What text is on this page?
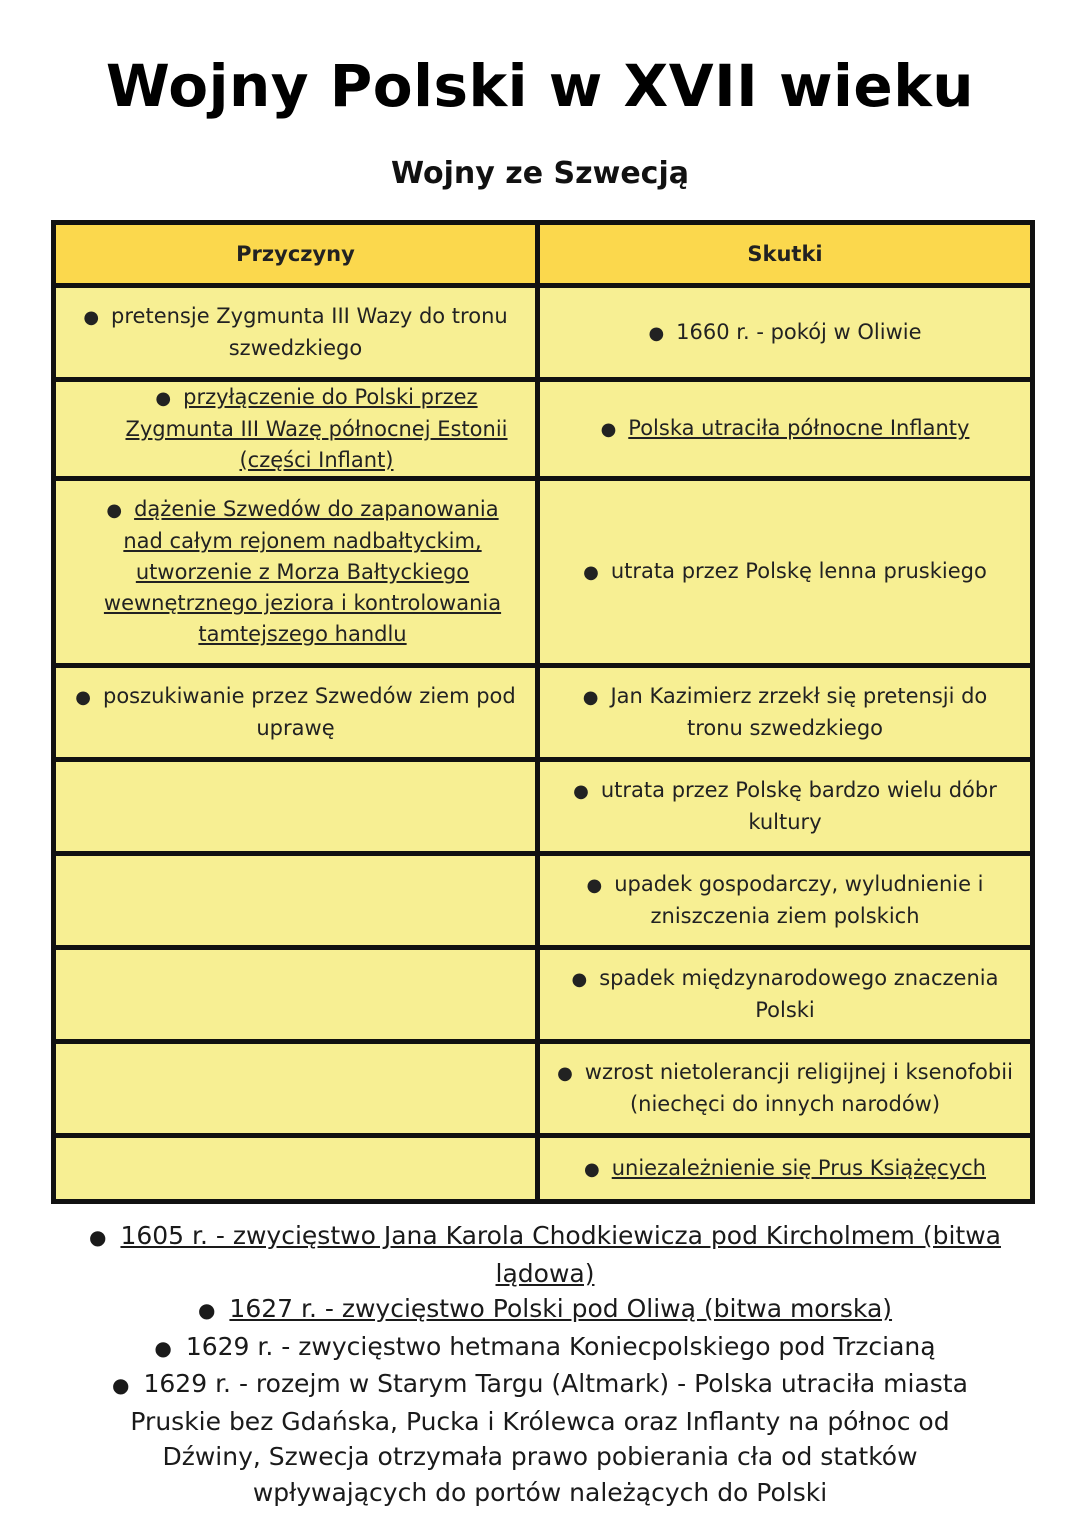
Wojny Polski w XVII wieku
Wojny ze Szwecją
Przyczyny	Skutki
● pretensje Zygmunta III Wazy do tronu szwedzkiego	● 1660 r. - pokój w Oliwie
● przyłączenie do Polski przez Zygmunta III Wazę północnej Estonii (części Inflant)	● Polska utraciła północne Inflanty
● dążenie Szwedów do zapanowania nad całym rejonem nadbałtyckim, utworzenie z Morza Bałtyckiego wewnętrznego jeziora i kontrolowania tamtejszego handlu	● utrata przez Polskę lenna pruskiego
● poszukiwanie przez Szwedów ziem pod uprawę	● Jan Kazimierz zrzekł się pretensji do tronu szwedzkiego
	● utrata przez Polskę bardzo wielu dóbr kultury
	● upadek gospodarczy, wyludnienie i zniszczenia ziem polskich
	● spadek międzynarodowego znaczenia Polski
	● wzrost nietolerancji religijnej i ksenofobii (niechęci do innych narodów)
	● uniezależnienie się Prus Książęcych

● 1605 r. - zwycięstwo Jana Karola Chodkiewicza pod Kircholmem (bitwa lądowa)

● 1627 r. - zwycięstwo Polski pod Oliwą (bitwa morska)

● 1629 r. - zwycięstwo hetmana Koniecpolskiego pod Trzcianą

● 1629 r. - rozejm w Starym Targu (Altmark) - Polska utraciła miasta Pruskie bez Gdańska, Pucka i Królewca oraz Inflanty na północ od Dźwiny, Szwecja otrzymała prawo pobierania cła od statków wpływających do portów należących do Polski
